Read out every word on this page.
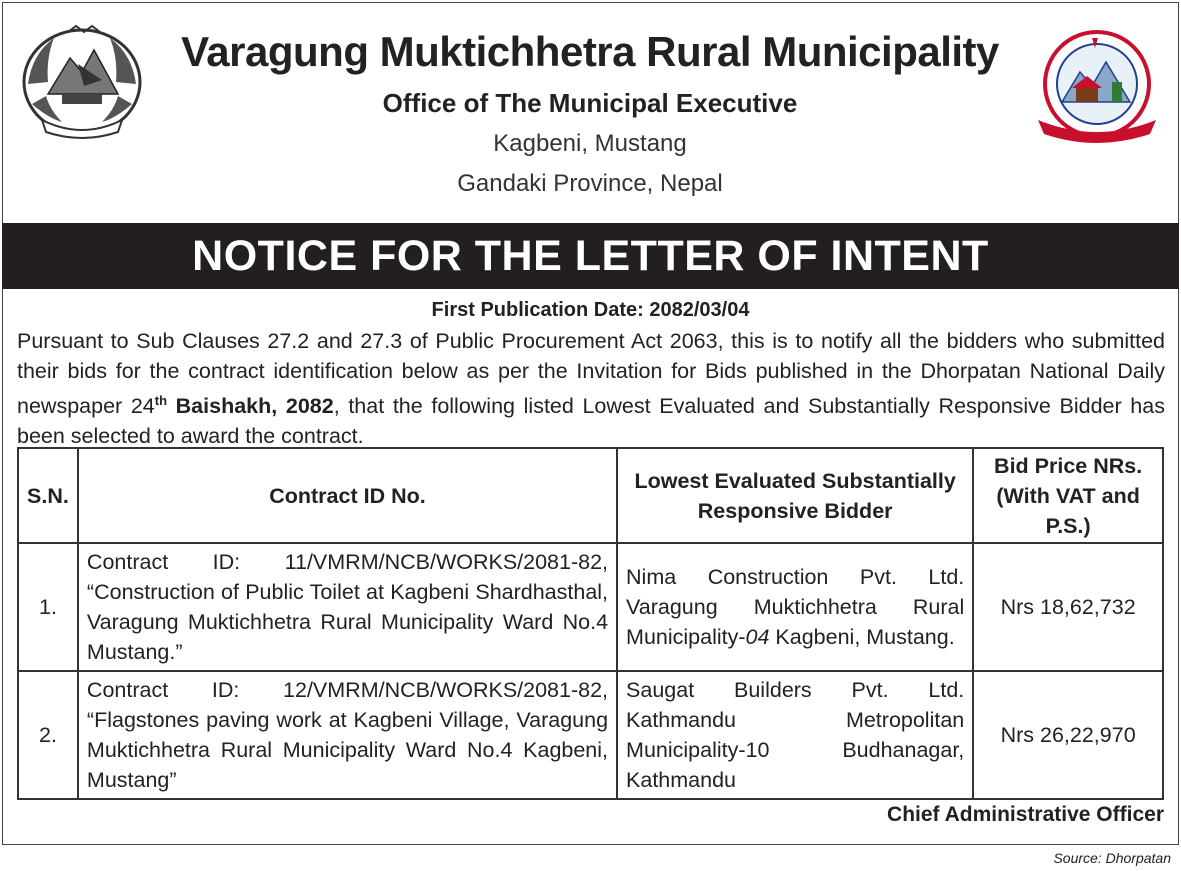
Varagung Muktichhetra Rural Municipality
Office of The Municipal Executive
Kagbeni, Mustang
Gandaki Province, Nepal
NOTICE FOR THE LETTER OF INTENT
First Publication Date: 2082/03/04

Pursuant to Sub Clauses 27.2 and 27.3 of Public Procurement Act 2063, this is to notify all the bidders who submitted their bids for the contract identification below as per the Invitation for Bids published in the Dhorpatan National Daily newspaper 24th Baishakh, 2082, that the following listed Lowest Evaluated and Substantially Responsive Bidder has been selected to award the contract.

S.N.	Contract ID No.	Lowest Evaluated Substantially Responsive Bidder	Bid Price NRs. (With VAT and P.S.)
1.	Contract ID: 11/VMRM/NCB/WORKS/2081-82, “Construction of Public Toilet at Kagbeni Shardhasthal, Varagung Muktichhetra Rural Municipality Ward No.4 Mustang.”	Nima Construction Pvt. Ltd. Varagung Muktichhetra Rural Municipality-04 Kagbeni, Mustang.	Nrs 18,62,732
2.	Contract ID: 12/VMRM/NCB/WORKS/2081-82, “Flagstones paving work at Kagbeni Village, Varagung Muktichhetra Rural Municipality Ward No.4 Kagbeni, Mustang”	Saugat Builders Pvt. Ltd. Kathmandu Metropolitan Municipality-10 Budhanagar, Kathmandu	Nrs 26,22,970
Chief Administrative Officer
Source: Dhorpatan
